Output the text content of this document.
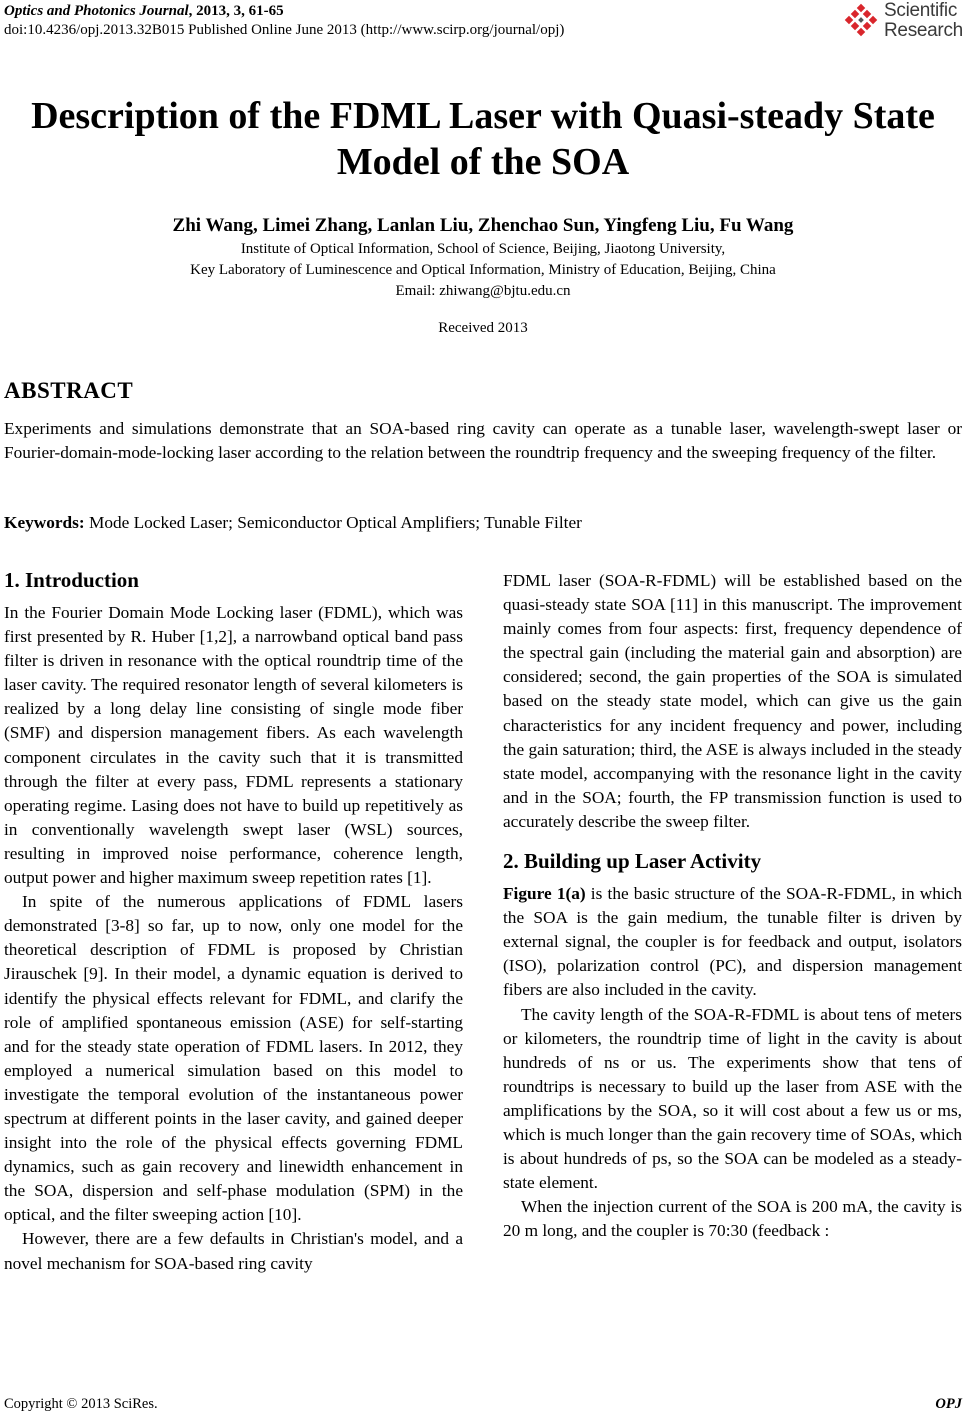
Optics and Photonics Journal, 2013, 3, 61-65
doi:10.4236/opj.2013.32B015 Published Online June 2013 (http://www.scirp.org/journal/opj)
Scientific
Research
Description of the FDML Laser with Quasi-steady State
Model of the SOA
Zhi Wang, Limei Zhang, Lanlan Liu, Zhenchao Sun, Yingfeng Liu, Fu Wang
Institute of Optical Information, School of Science, Beijing, Jiaotong University,
Key Laboratory of Luminescence and Optical Information, Ministry of Education, Beijing, China
Email: zhiwang@bjtu.edu.cn
Received 2013
ABSTRACT
Experiments and simulations demonstrate that an SOA-based ring cavity can operate as a tunable laser, wavelength-swept laser or Fourier-domain-mode-locking laser according to the relation between the roundtrip frequency and the sweeping frequency of the filter.
Keywords: Mode Locked Laser; Semiconductor Optical Amplifiers; Tunable Filter
1. Introduction

In the Fourier Domain Mode Locking laser (FDML), which was first presented by R. Huber [1,2], a narrowband optical band pass filter is driven in resonance with the optical roundtrip time of the laser cavity. The required resonator length of several kilometers is realized by a long delay line consisting of single mode fiber (SMF) and dispersion management fibers. As each wavelength component circulates in the cavity such that it is transmitted through the filter at every pass, FDML represents a stationary operating regime. Lasing does not have to build up repetitively as in conventionally wavelength swept laser (WSL) sources, resulting in improved noise performance, coherence length, output power and higher maximum sweep repetition rates [1].

In spite of the numerous applications of FDML lasers demonstrated [3-8] so far, up to now, only one model for the theoretical description of FDML is proposed by Christian Jirauschek [9]. In their model, a dynamic equation is derived to identify the physical effects relevant for FDML, and clarify the role of amplified spontaneous emission (ASE) for self-starting and for the steady state operation of FDML lasers. In 2012, they employed a numerical simulation based on this model to investigate the temporal evolution of the instantaneous power spectrum at different points in the laser cavity, and gained deeper insight into the role of the physical effects governing FDML dynamics, such as gain recovery and linewidth enhancement in the SOA, dispersion and self-phase modulation (SPM) in the optical, and the filter sweeping action [10].

However, there are a few defaults in Christian's model, and a novel mechanism for SOA-based ring cavity

FDML laser (SOA-R-FDML) will be established based on the quasi-steady state SOA [11] in this manuscript. The improvement mainly comes from four aspects: first, frequency dependence of the spectral gain (including the material gain and absorption) are considered; second, the gain properties of the SOA is simulated based on the steady state model, which can give us the gain characteristics for any incident frequency and power, including the gain saturation; third, the ASE is always included in the steady state model, accompanying with the resonance light in the cavity and in the SOA; fourth, the FP transmission function is used to accurately describe the sweep filter.

2. Building up Laser Activity

Figure 1(a) is the basic structure of the SOA-R-FDML, in which the SOA is the gain medium, the tunable filter is driven by external signal, the coupler is for feedback and output, isolators (ISO), polarization control (PC), and dispersion management fibers are also included in the cavity.

The cavity length of the SOA-R-FDML is about tens of meters or kilometers, the roundtrip time of light in the cavity is about hundreds of ns or us. The experiments show that tens of roundtrips is necessary to build up the laser from ASE with the amplifications by the SOA, so it will cost about a few us or ms, which is much longer than the gain recovery time of SOAs, which is about hundreds of ps, so the SOA can be modeled as a steady-state element.

When the injection current of the SOA is 200 mA, the cavity is 20 m long, and the coupler is 70:30 (feedback :

Copyright © 2013 SciRes.	OPJ
